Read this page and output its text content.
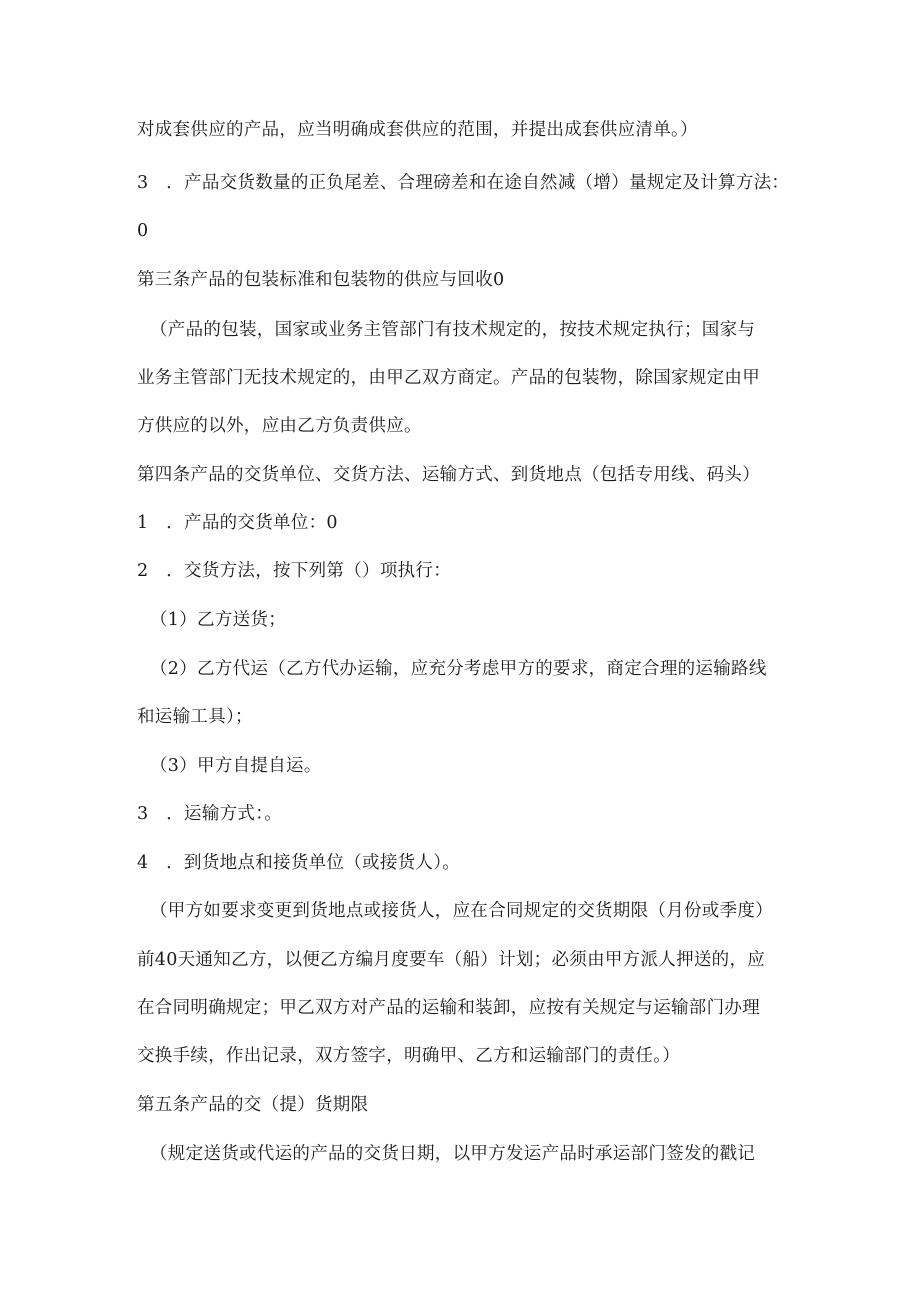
对成套供应的产品，应当明确成套供应的范围，并提出成套供应清单。）
3　．产品交货数量的正负尾差、合理磅差和在途自然减（增）量规定及计算方法：
0
第三条产品的包装标准和包装物的供应与回收0
（产品的包装，国家或业务主管部门有技术规定的，按技术规定执行；国家与
业务主管部门无技术规定的，由甲乙双方商定。产品的包装物，除国家规定由甲
方供应的以外，应由乙方负责供应。
第四条产品的交货单位、交货方法、运输方式、到货地点（包括专用线、码头）
1　．产品的交货单位：0
2　．交货方法，按下列第（）项执行：
（1）乙方送货；
（2）乙方代运（乙方代办运输，应充分考虑甲方的要求，商定合理的运输路线
和运输工具）；
（3）甲方自提自运。
3　．运输方式：。
4　．到货地点和接货单位（或接货人）。
（甲方如要求变更到货地点或接货人，应在合同规定的交货期限（月份或季度）
前40天通知乙方，以便乙方编月度要车（船）计划；必须由甲方派人押送的，应
在合同明确规定；甲乙双方对产品的运输和装卸，应按有关规定与运输部门办理
交换手续，作出记录，双方签字，明确甲、乙方和运输部门的责任。）
第五条产品的交（提）货期限
（规定送货或代运的产品的交货日期，以甲方发运产品时承运部门签发的戳记
